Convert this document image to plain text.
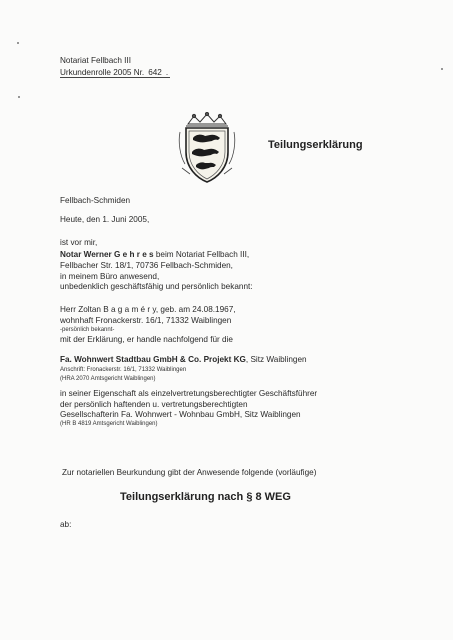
Notariat Fellbach III
Urkundenrolle 2005 Nr. 642 .
Teilungserklärung
Fellbach-Schmiden
Heute, den 1. Juni 2005,
ist vor mir,
Notar Werner G e h r e s beim Notariat Fellbach III,
Fellbacher Str. 18/1, 70736 Fellbach-Schmiden,
in meinem Büro anwesend,
unbedenklich geschäftsfähig und persönlich bekannt:
Herr Zoltan B a g a m é r y, geb. am 24.08.1967,
wohnhaft Fronackerstr. 16/1, 71332 Waiblingen
-persönlich bekannt-
mit der Erklärung, er handle nachfolgend für die
Fa. Wohnwert Stadtbau GmbH & Co. Projekt KG, Sitz Waiblingen
Anschrift: Fronackerstr. 16/1, 71332 Waiblingen
(HRA 2070 Amtsgericht Waiblingen)
in seiner Eigenschaft als einzelvertretungsberechtigter Geschäftsführer
der persönlich haftenden u. vertretungsberechtigten
Gesellschafterin Fa. Wohnwert - Wohnbau GmbH, Sitz Waiblingen
(HR B 4819 Amtsgericht Waiblingen)
Zur notariellen Beurkundung gibt der Anwesende folgende (vorläufige)
Teilungserklärung nach § 8 WEG
ab:
